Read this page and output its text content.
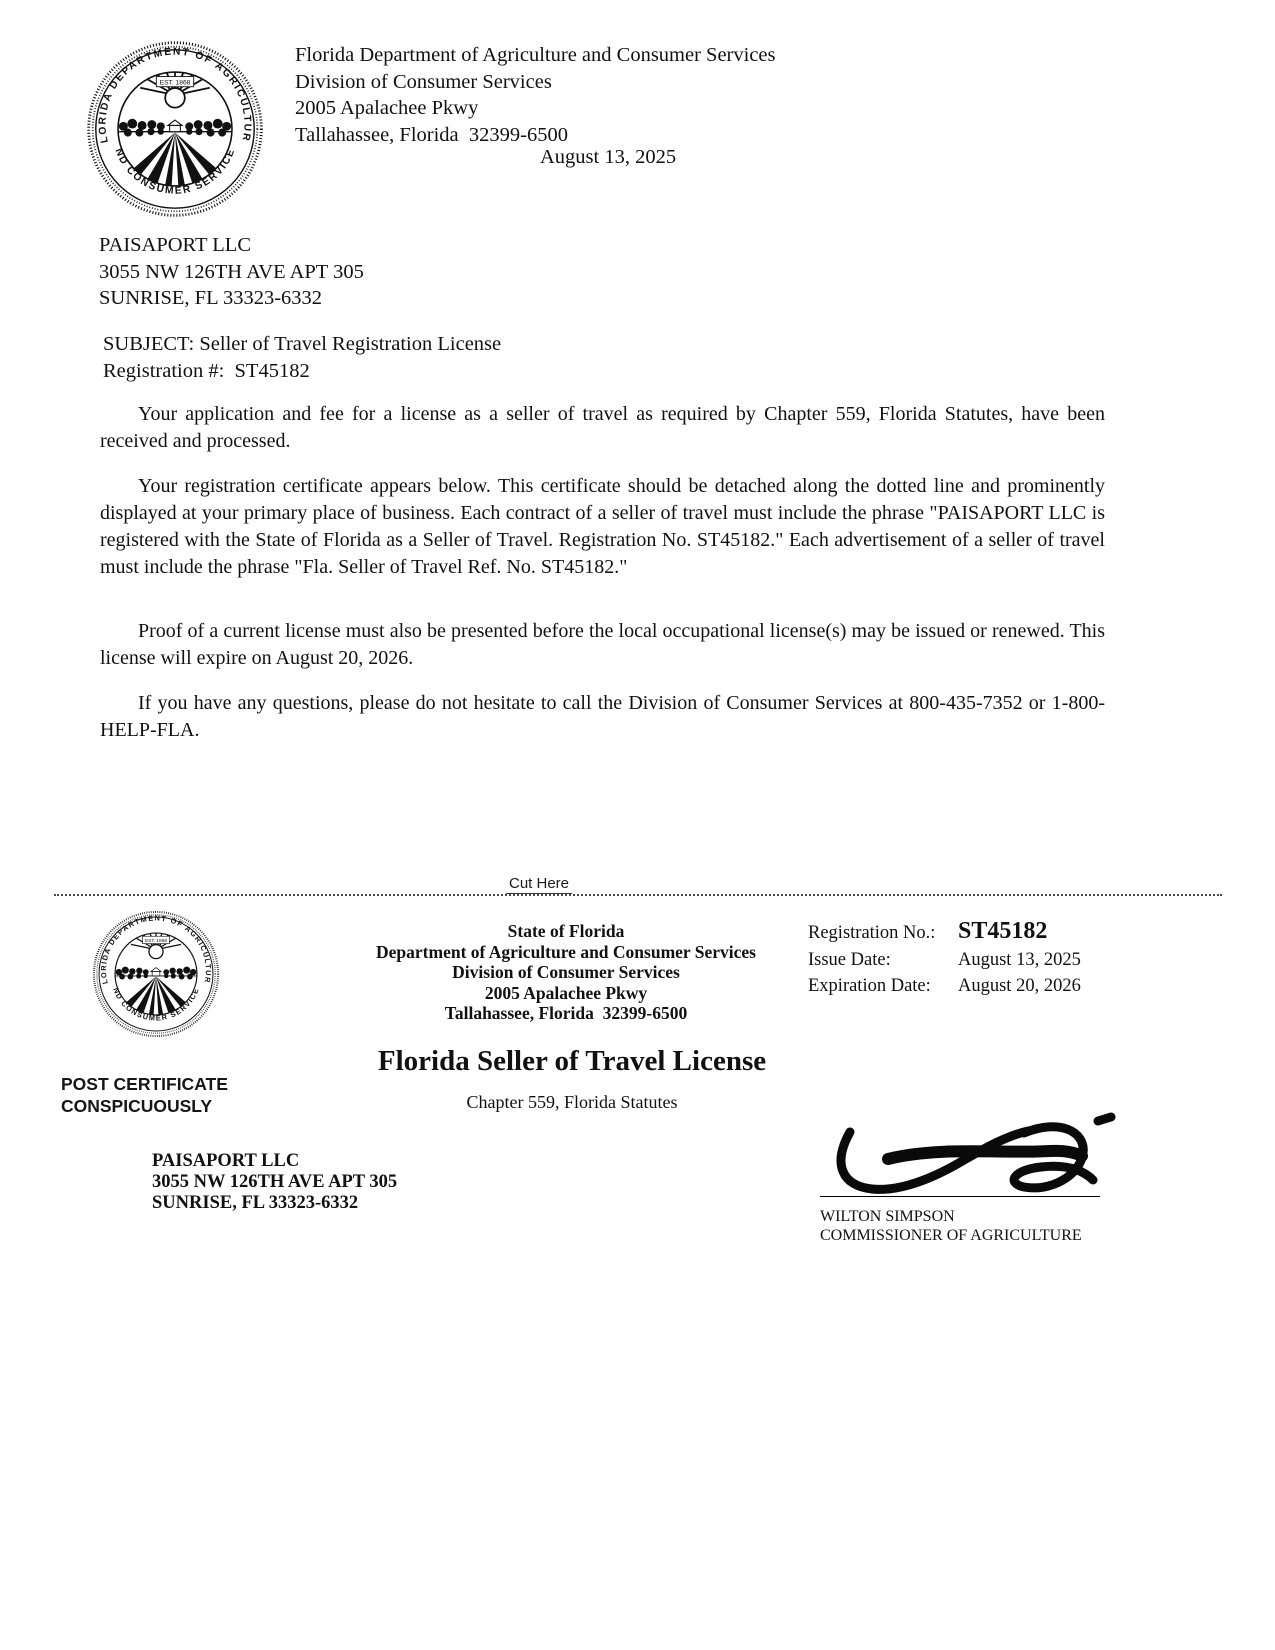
Florida Department of Agriculture and Consumer Services
Division of Consumer Services
2005 Apalachee Pkwy
Tallahassee, Florida  32399-6500
August 13, 2025
PAISAPORT LLC
3055 NW 126TH AVE APT 305
SUNRISE, FL 33323-6332
SUBJECT: Seller of Travel Registration License
Registration #:  ST45182
Your application and fee for a license as a seller of travel as required by Chapter 559, Florida Statutes, have been received and processed.
Your registration certificate appears below. This certificate should be detached along the dotted line and prominently displayed at your primary place of business. Each contract of a seller of travel must include the phrase "PAISAPORT LLC is registered with the State of Florida as a Seller of Travel. Registration No. ST45182." Each advertisement of a seller of travel must include the phrase "Fla. Seller of Travel Ref. No. ST45182."
Proof of a current license must also be presented before the local occupational license(s) may be issued or renewed. This license will expire on August 20, 2026.
If you have any questions, please do not hesitate to call the Division of Consumer Services at 800-435-7352 or 1-800-HELP-FLA.
Cut Here
State of Florida
Department of Agriculture and Consumer Services
Division of Consumer Services
2005 Apalachee Pkwy
Tallahassee, Florida  32399-6500
Registration No.: ST45182
Issue Date:	August 13, 2025
Expiration Date:	August 20, 2026
Florida Seller of Travel License
Chapter 559, Florida Statutes
POST CERTIFICATE
CONSPICUOUSLY
PAISAPORT LLC
3055 NW 126TH AVE APT 305
SUNRISE, FL 33323-6332
WILTON SIMPSON
COMMISSIONER OF AGRICULTURE
